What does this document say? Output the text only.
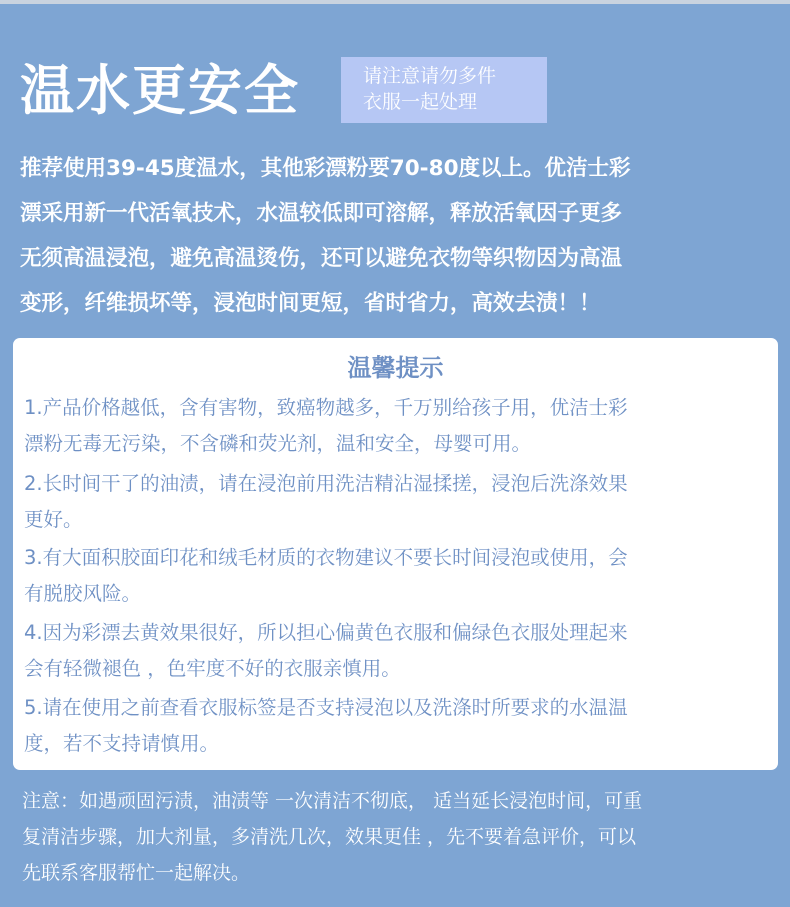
温水更安全	请注意请勿多件
衣服一起处理
推荐使用39-45度温水，其他彩漂粉要70-80度以上。优洁士彩
漂采用新一代活氧技术，水温较低即可溶解，释放活氧因子更多
无须高温浸泡，避免高温烫伤，还可以避免衣物等织物因为高温
变形，纤维损坏等，浸泡时间更短，省时省力，高效去渍！！
温馨提示
1.产品价格越低，含有害物，致癌物越多，千万别给孩子用，优洁士彩
漂粉无毒无污染，不含磷和荧光剂，温和安全，母婴可用。
2.长时间干了的油渍，请在浸泡前用洗洁精沾湿揉搓，浸泡后洗涤效果
更好。
3.有大面积胶面印花和绒毛材质的衣物建议不要长时间浸泡或使用，会
有脱胶风险。
4.因为彩漂去黄效果很好，所以担心偏黄色衣服和偏绿色衣服处理起来
会有轻微褪色 ，色牢度不好的衣服亲慎用。
5.请在使用之前查看衣服标签是否支持浸泡以及洗涤时所要求的水温温
度，若不支持请慎用。
注意：如遇顽固污渍，油渍等 一次清洁不彻底， 适当延长浸泡时间，可重
复清洁步骤，加大剂量，多清洗几次，效果更佳 ，先不要着急评价，可以
先联系客服帮忙一起解决。
